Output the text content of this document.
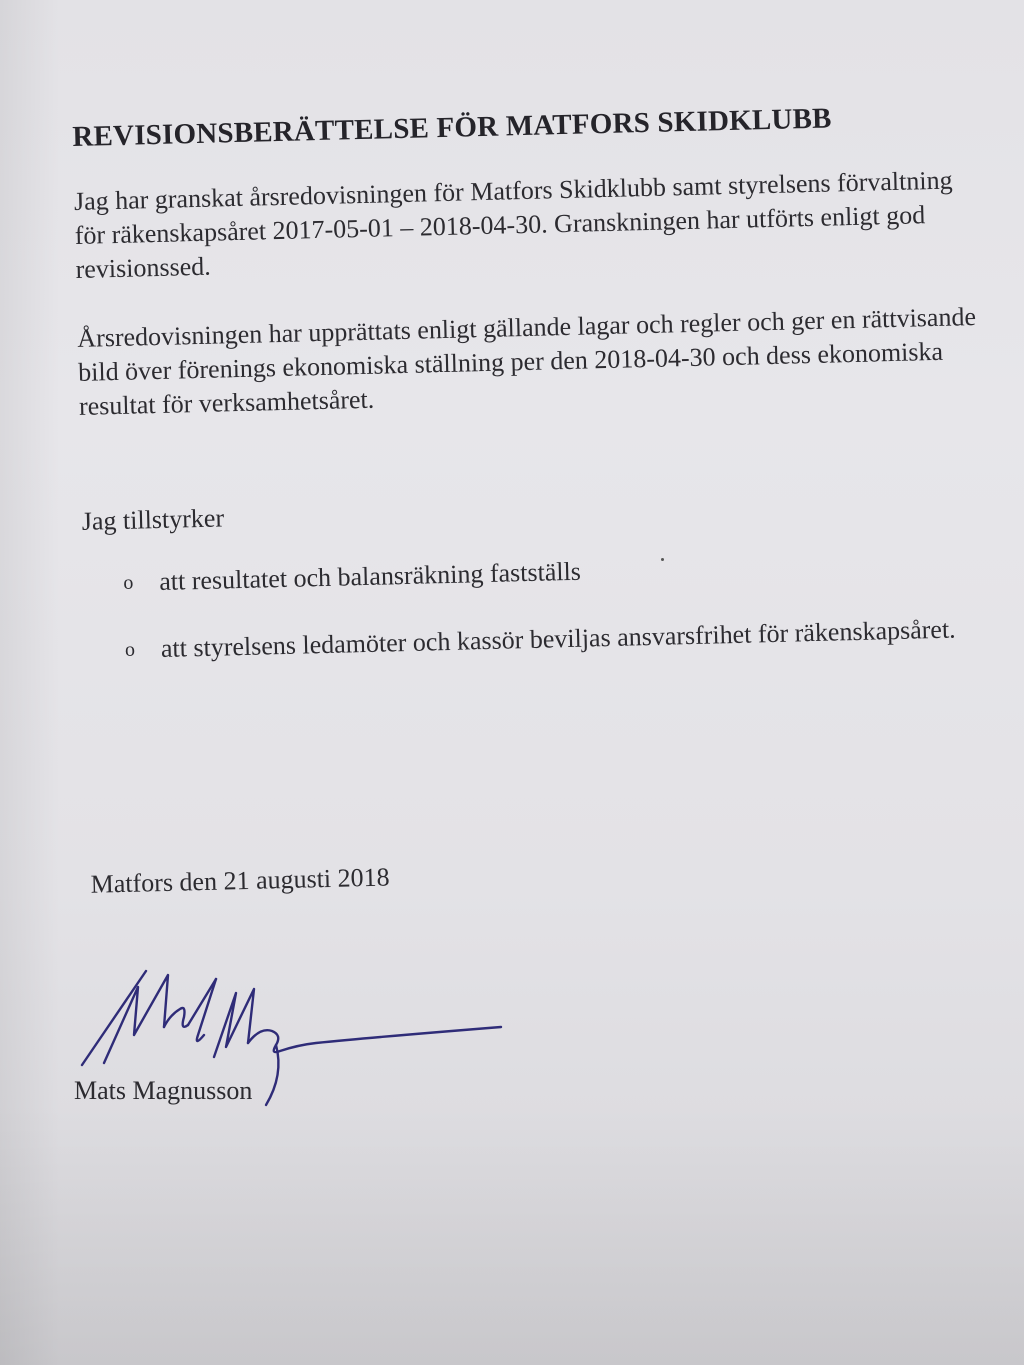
REVISIONSBERÄTTELSE FÖR MATFORS SKIDKLUBB

Jag har granskat årsredovisningen för Matfors Skidklubb samt styrelsens förvaltning för räkenskapsåret 2017-05-01 – 2018-04-30. Granskningen har utförts enligt god revisionssed.

Årsredovisningen har upprättats enligt gällande lagar och regler och ger en rättvisande bild över förenings ekonomiska ställning per den 2018-04-30 och dess ekonomiska resultat för verksamhetsåret.

Jag tillstyrker

o att resultatet och balansräkning fastställs
o att styrelsens ledamöter och kassör beviljas ansvarsfrihet för räkenskapsåret.

Matfors den 21 augusti 2018

Mats Magnusson
